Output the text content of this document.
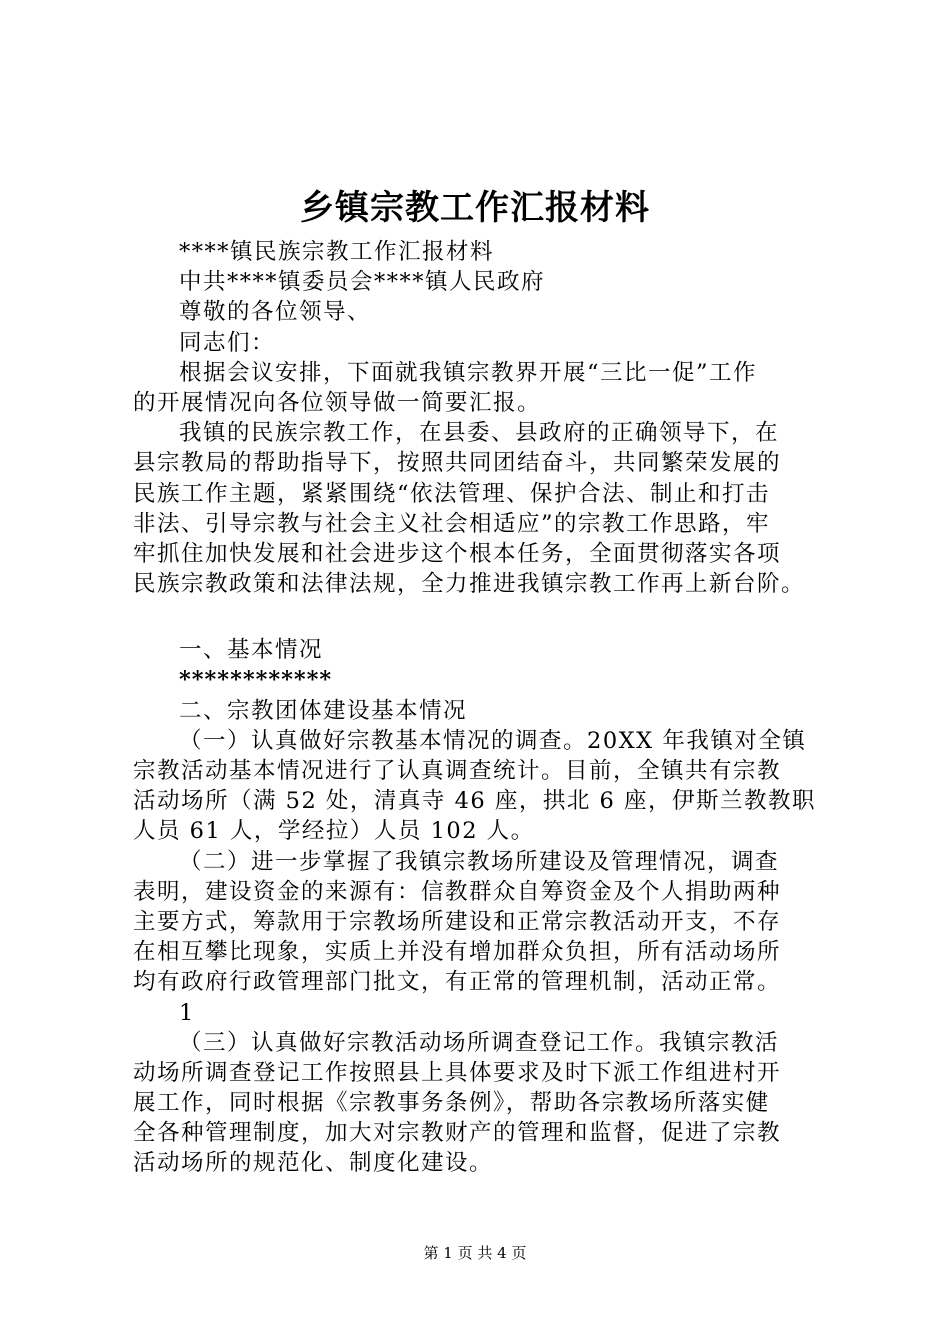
乡镇宗教工作汇报材料
****镇民族宗教工作汇报材料
中共****镇委员会****镇人民政府
尊敬的各位领导、
同志们：
根据会议安排，下面就我镇宗教界开展“三比一促”工作
的开展情况向各位领导做一简要汇报。
我镇的民族宗教工作，在县委、县政府的正确领导下，在
县宗教局的帮助指导下，按照共同团结奋斗，共同繁荣发展的
民族工作主题，紧紧围绕“依法管理、保护合法、制止和打击
非法、引导宗教与社会主义社会相适应”的宗教工作思路，牢
牢抓住加快发展和社会进步这个根本任务，全面贯彻落实各项
民族宗教政策和法律法规，全力推进我镇宗教工作再上新台阶。
一、基本情况
************
二、宗教团体建设基本情况
（一）认真做好宗教基本情况的调查。20XX 年我镇对全镇
宗教活动基本情况进行了认真调查统计。目前，全镇共有宗教
活动场所（满 52 处，清真寺 46 座，拱北 6 座，伊斯兰教教职
人员 61 人，学经拉）人员 102 人。
（二）进一步掌握了我镇宗教场所建设及管理情况，调查
表明，建设资金的来源有：信教群众自筹资金及个人捐助两种
主要方式，筹款用于宗教场所建设和正常宗教活动开支，不存
在相互攀比现象，实质上并没有增加群众负担，所有活动场所
均有政府行政管理部门批文，有正常的管理机制，活动正常。
1
（三）认真做好宗教活动场所调查登记工作。我镇宗教活
动场所调查登记工作按照县上具体要求及时下派工作组进村开
展工作，同时根据《宗教事务条例》，帮助各宗教场所落实健
全各种管理制度，加大对宗教财产的管理和监督，促进了宗教
活动场所的规范化、制度化建设。
第 1 页 共 4 页
